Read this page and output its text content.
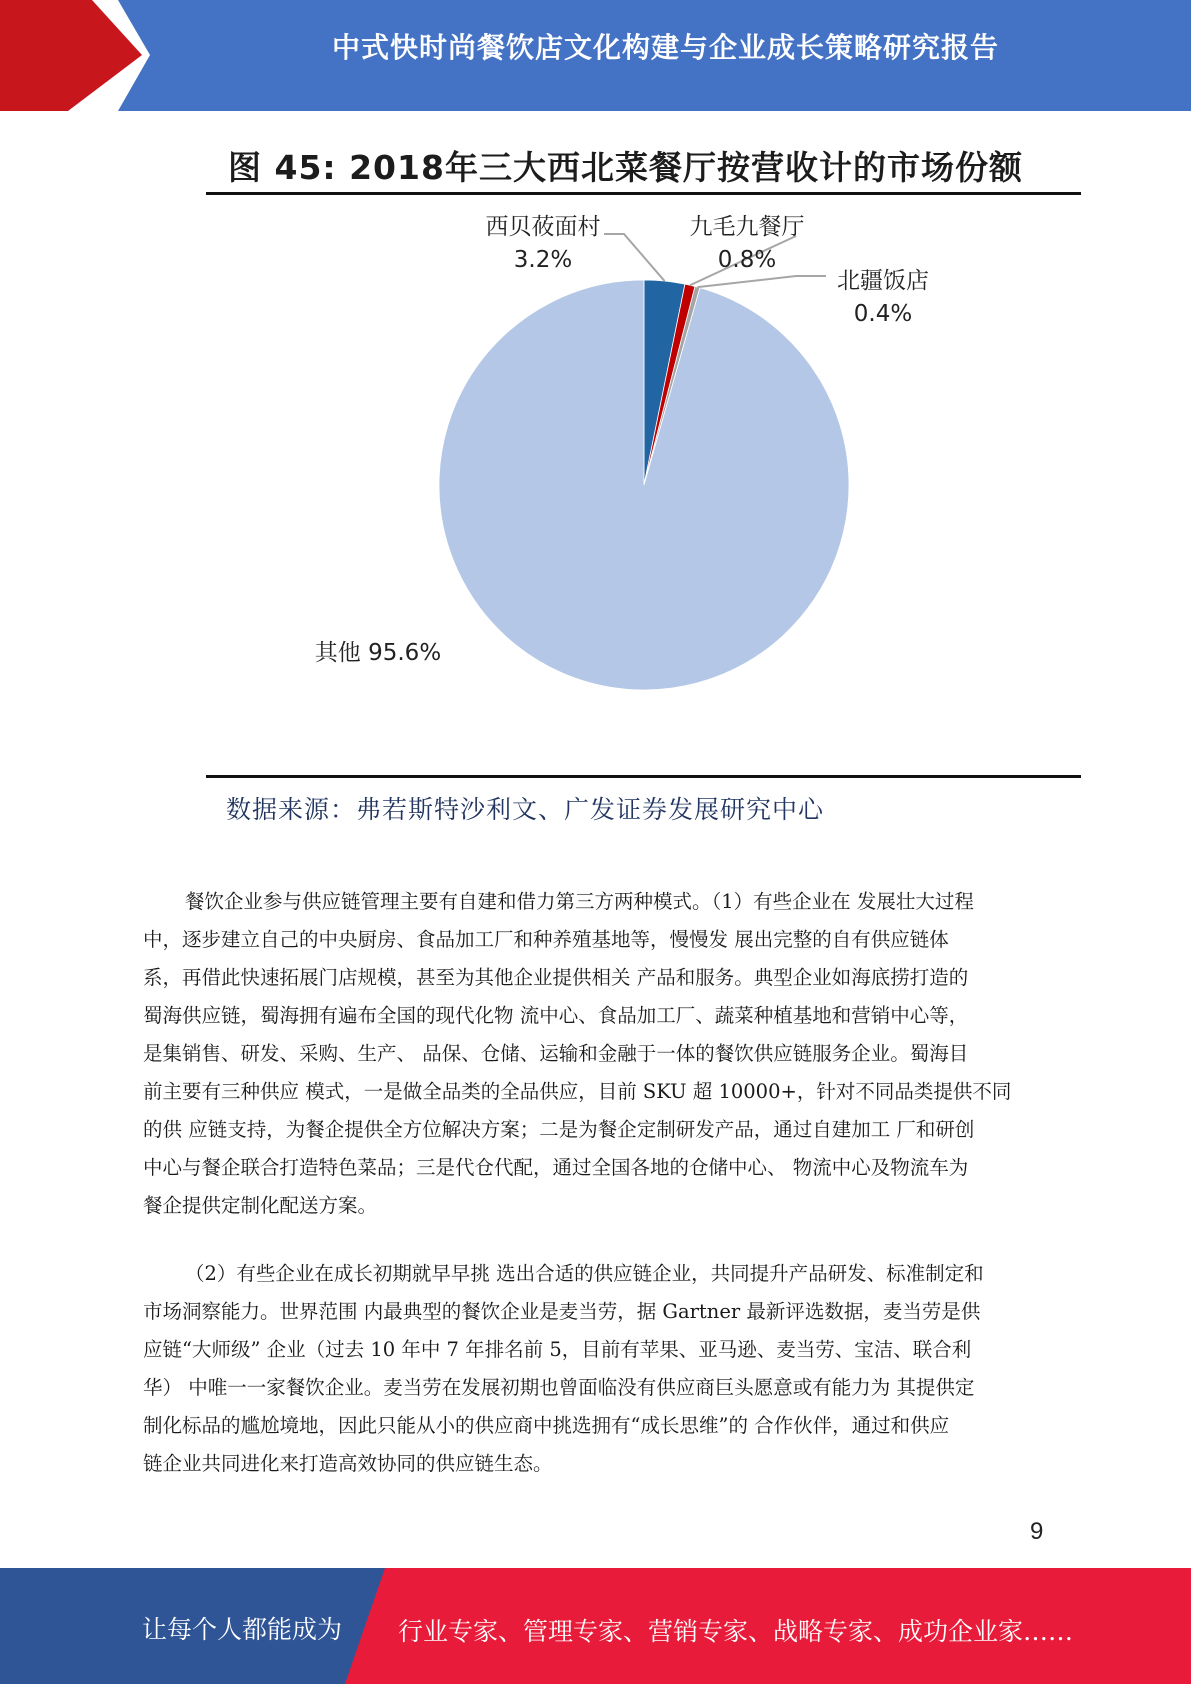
中式快时尚餐饮店文化构建与企业成长策略研究报告
图 45: 2018年三大西北菜餐厅按营收计的市场份额
西贝莜面村
3.2%
九毛九餐厅
0.8%
北疆饭店
0.4%
其他 95.6%
数据来源：弗若斯特沙利文、广发证券发展研究中心
餐饮企业参与供应链管理主要有自建和借力第三方两种模式。（1）有些企业在 发展壮大过程
中，逐步建立自己的中央厨房、食品加工厂和种养殖基地等，慢慢发 展出完整的自有供应链体
系，再借此快速拓展门店规模，甚至为其他企业提供相关 产品和服务。典型企业如海底捞打造的
蜀海供应链，蜀海拥有遍布全国的现代化物 流中心、食品加工厂、蔬菜种植基地和营销中心等，
是集销售、研发、采购、生产、 品保、仓储、运输和金融于一体的餐饮供应链服务企业。蜀海目
前主要有三种供应 模式，一是做全品类的全品供应，目前 SKU 超 10000+，针对不同品类提供不同
的供 应链支持，为餐企提供全方位解决方案；二是为餐企定制研发产品，通过自建加工 厂和研创
中心与餐企联合打造特色菜品；三是代仓代配，通过全国各地的仓储中心、 物流中心及物流车为
餐企提供定制化配送方案。
（2）有些企业在成长初期就早早挑 选出合适的供应链企业，共同提升产品研发、标准制定和
市场洞察能力。世界范围 内最典型的餐饮企业是麦当劳，据 Gartner 最新评选数据，麦当劳是供
应链“大师级” 企业（过去 10 年中 7 年排名前 5，目前有苹果、亚马逊、麦当劳、宝洁、联合利
华） 中唯一一家餐饮企业。麦当劳在发展初期也曾面临没有供应商巨头愿意或有能力为 其提供定
制化标品的尴尬境地，因此只能从小的供应商中挑选拥有“成长思维”的 合作伙伴，通过和供应
链企业共同进化来打造高效协同的供应链生态。
9
让每个人都能成为 行业专家、管理专家、营销专家、战略专家、成功企业家……
